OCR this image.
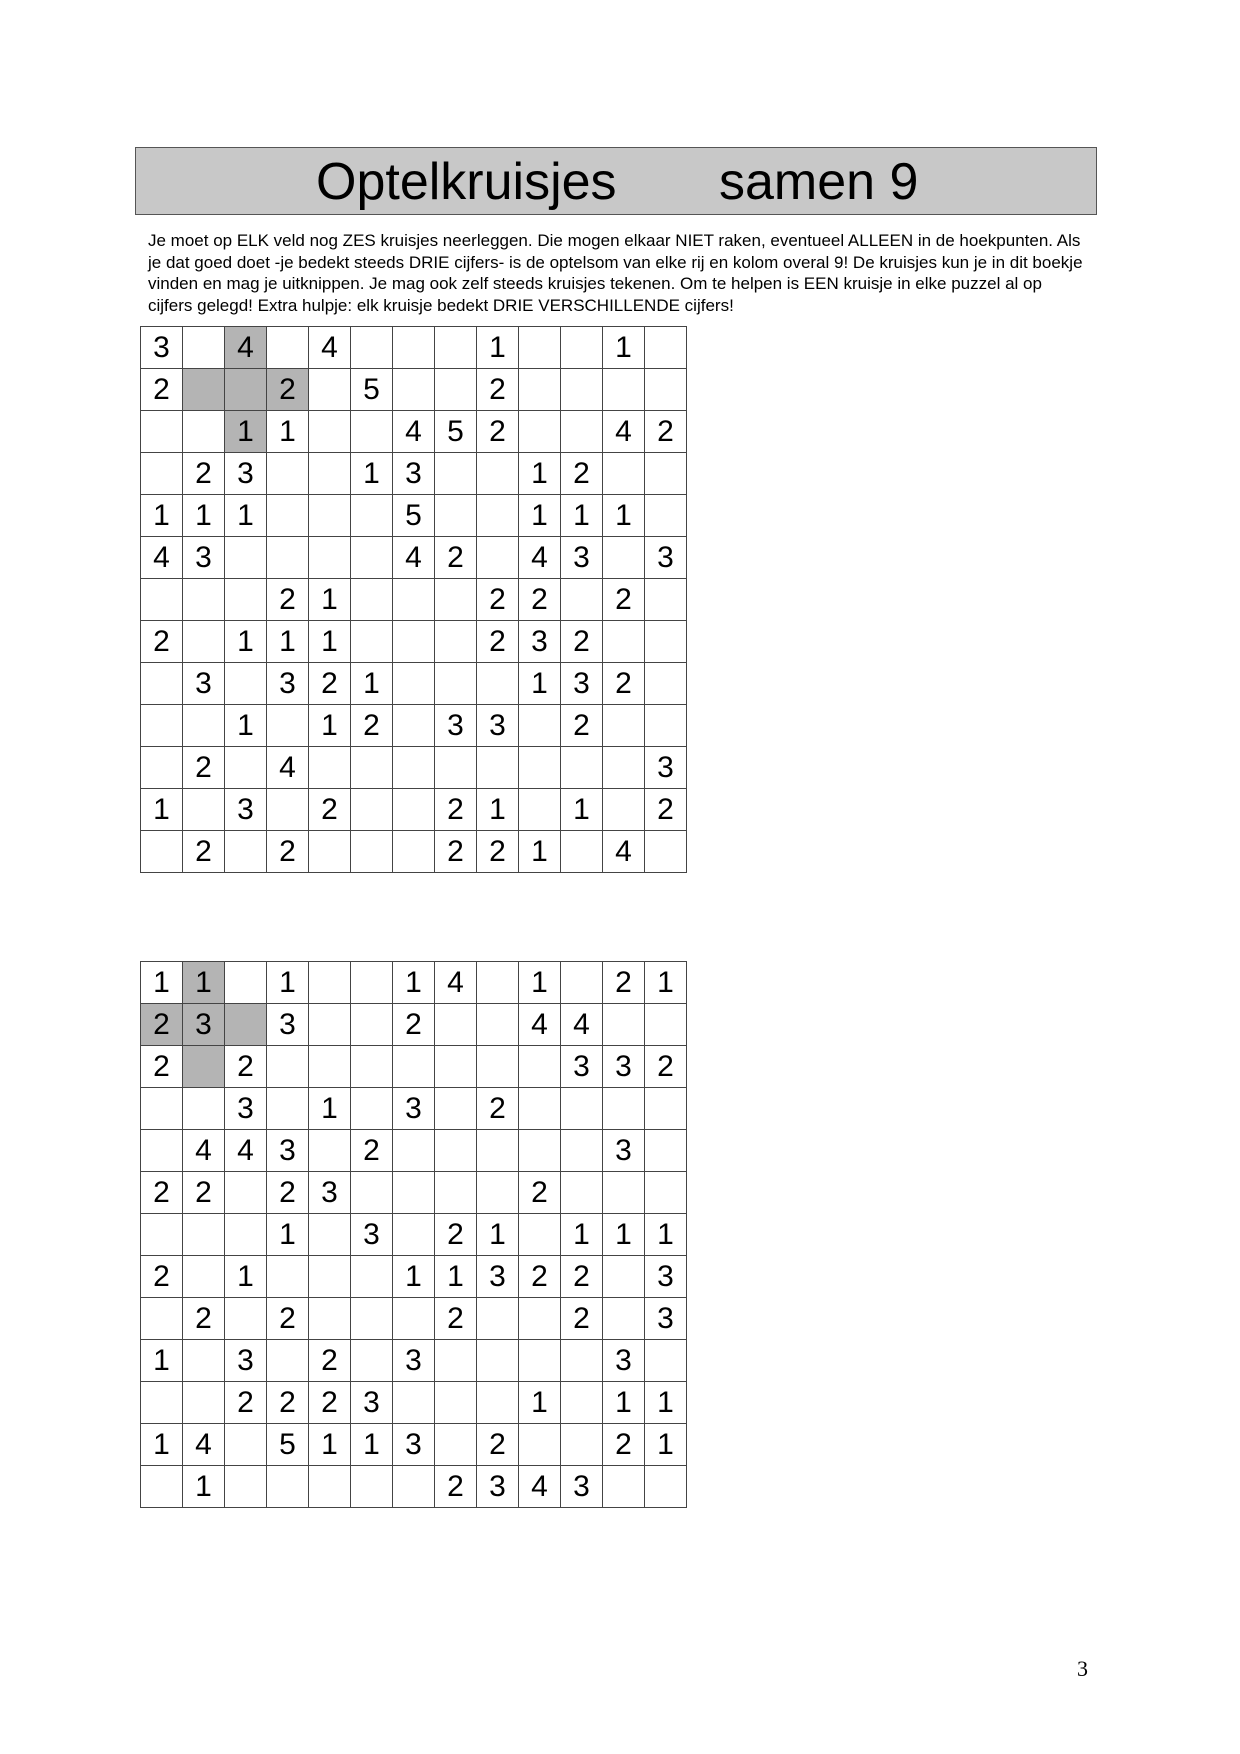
Optelkruisjes samen 9

Je moet op ELK veld nog ZES kruisjes neerleggen. Die mogen elkaar NIET raken, eventueel ALLEEN in de hoekpunten. Als je dat goed doet -je bedekt steeds DRIE cijfers- is de optelsom van elke rij en kolom overal 9! De kruisjes kun je in dit boekje vinden en mag je uitknippen. Je mag ook zelf steeds kruisjes tekenen. Om te helpen is EEN kruisje in elke puzzel al op cijfers gelegd! Extra hulpje: elk kruisje bedekt DRIE VERSCHILLENDE cijfers!

3		4		4				1			1	
2			2		5			2				
		1	1			4	5	2			4	2
	2	3			1	3			1	2		
1	1	1				5			1	1	1	
4	3					4	2		4	3		3
			2	1				2	2		2	
2		1	1	1				2	3	2		
	3		3	2	1				1	3	2	
		1		1	2		3	3		2		
	2		4									3
1		3		2			2	1		1		2
	2		2				2	2	1		4	
1	1		1			1	4		1		2	1
2	3		3			2			4	4		
2		2								3	3	2
		3		1		3		2				
	4	4	3		2						3	
2	2		2	3					2			
			1		3		2	1		1	1	1
2		1				1	1	3	2	2		3
	2		2				2			2		3
1		3		2		3					3	
		2	2	2	3				1		1	1
1	4		5	1	1	3		2			2	1
	1						2	3	4	3		
3
